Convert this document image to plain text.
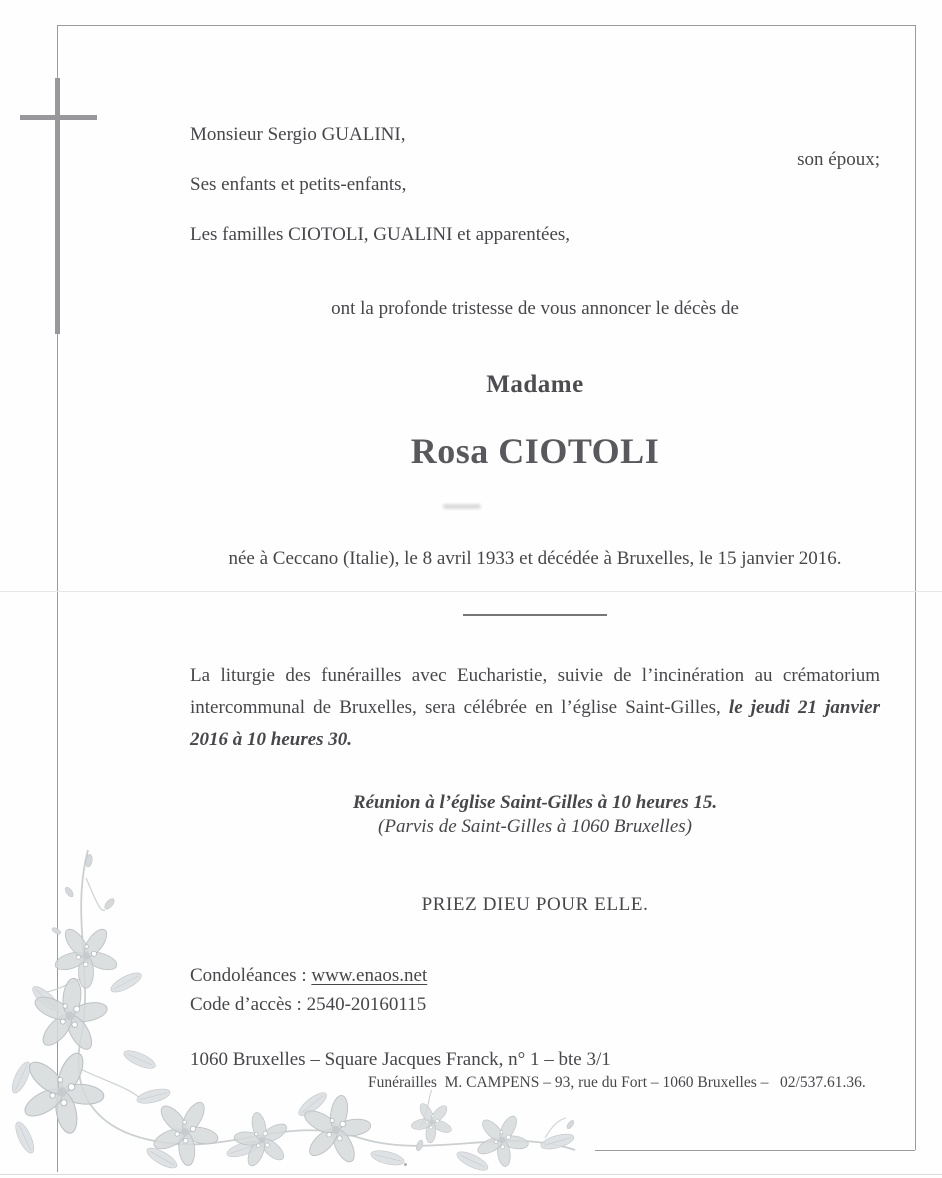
Monsieur Sergio GUALINI,
son époux;
Ses enfants et petits-enfants,
Les familles CIOTOLI, GUALINI et apparentées,
ont la profonde tristesse de vous annoncer le décès de
Madame
Rosa CIOTOLI
née à Ceccano (Italie), le 8 avril 1933 et décédée à Bruxelles, le 15 janvier 2016.
La liturgie des funérailles avec Eucharistie, suivie de l’incinération au crématorium
intercommunal de Bruxelles, sera célébrée en l’église Saint-Gilles, le jeudi 21 janvier
2016 à 10 heures 30.
Réunion à l’église Saint-Gilles à 10 heures 15.
(Parvis de Saint-Gilles à 1060 Bruxelles)
PRIEZ DIEU POUR ELLE.
Condoléances : www.enaos.net
Code d’accès : 2540-20160115
1060 Bruxelles – Square Jacques Franck, n° 1 – bte 3/1
Funérailles  M. CAMPENS – 93, rue du Fort – 1060 Bruxelles –   02/537.61.36.
